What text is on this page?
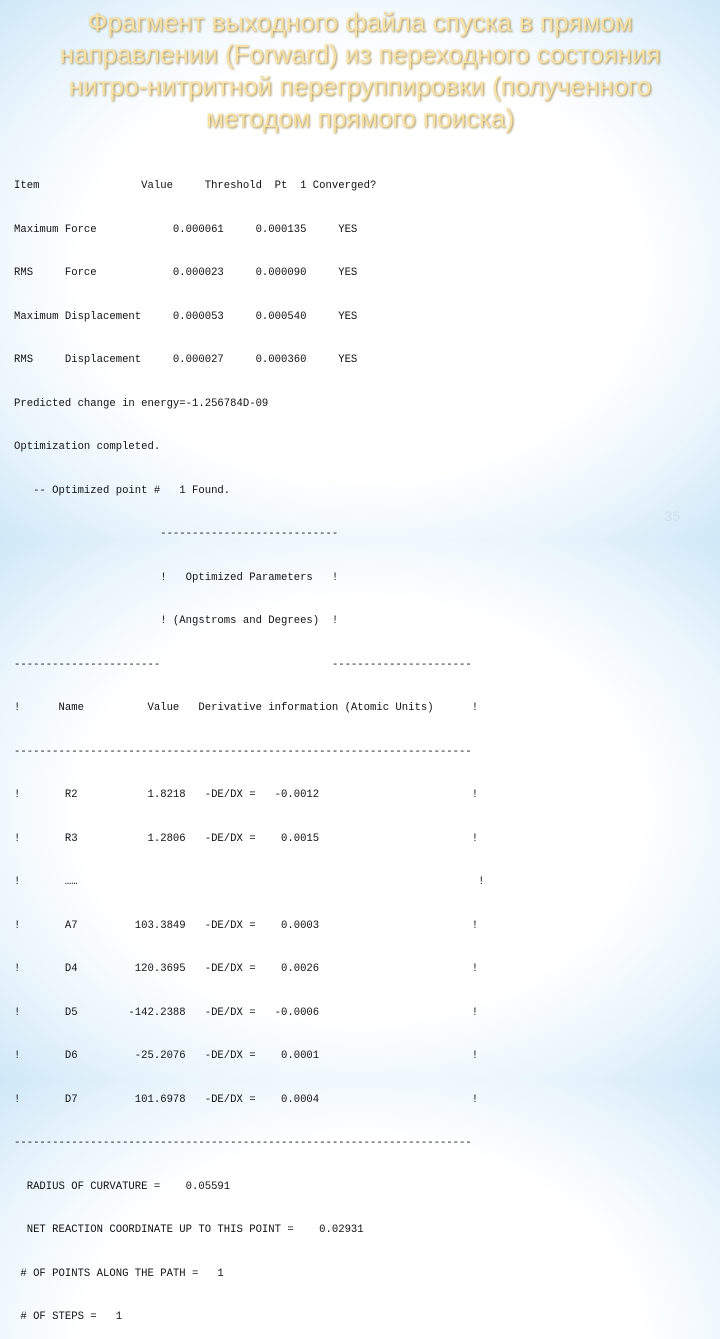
Фрагмент выходного файла спуска в прямом
направлении (Forward) из переходного состояния
нитро-нитритной перегруппировки (полученного
методом прямого поиска)

Item                Value     Threshold  Pt  1 Converged?

Maximum Force            0.000061     0.000135     YES

RMS     Force            0.000023     0.000090     YES

Maximum Displacement     0.000053     0.000540     YES

RMS     Displacement     0.000027     0.000360     YES

Predicted change in energy=-1.256784D-09

Optimization completed.

-- Optimized point #   1 Found.

----------------------------

!   Optimized Parameters   !

! (Angstroms and Degrees)  !

-----------------------                           ----------------------

!      Name          Value   Derivative information (Atomic Units)      !

------------------------------------------------------------------------

!       R2           1.8218   -DE/DX =   -0.0012                        !

!       R3           1.2806   -DE/DX =    0.0015                        !

!       ……                                                               !

!       A7         103.3849   -DE/DX =    0.0003                        !

!       D4         120.3695   -DE/DX =    0.0026                        !

!       D5        -142.2388   -DE/DX =   -0.0006                        !

!       D6         -25.2076   -DE/DX =    0.0001                        !

!       D7         101.6978   -DE/DX =    0.0004                        !

------------------------------------------------------------------------

RADIUS OF CURVATURE =    0.05591

NET REACTION COORDINATE UP TO THIS POINT =    0.02931

# OF POINTS ALONG THE PATH =   1

# OF STEPS =   1

35
